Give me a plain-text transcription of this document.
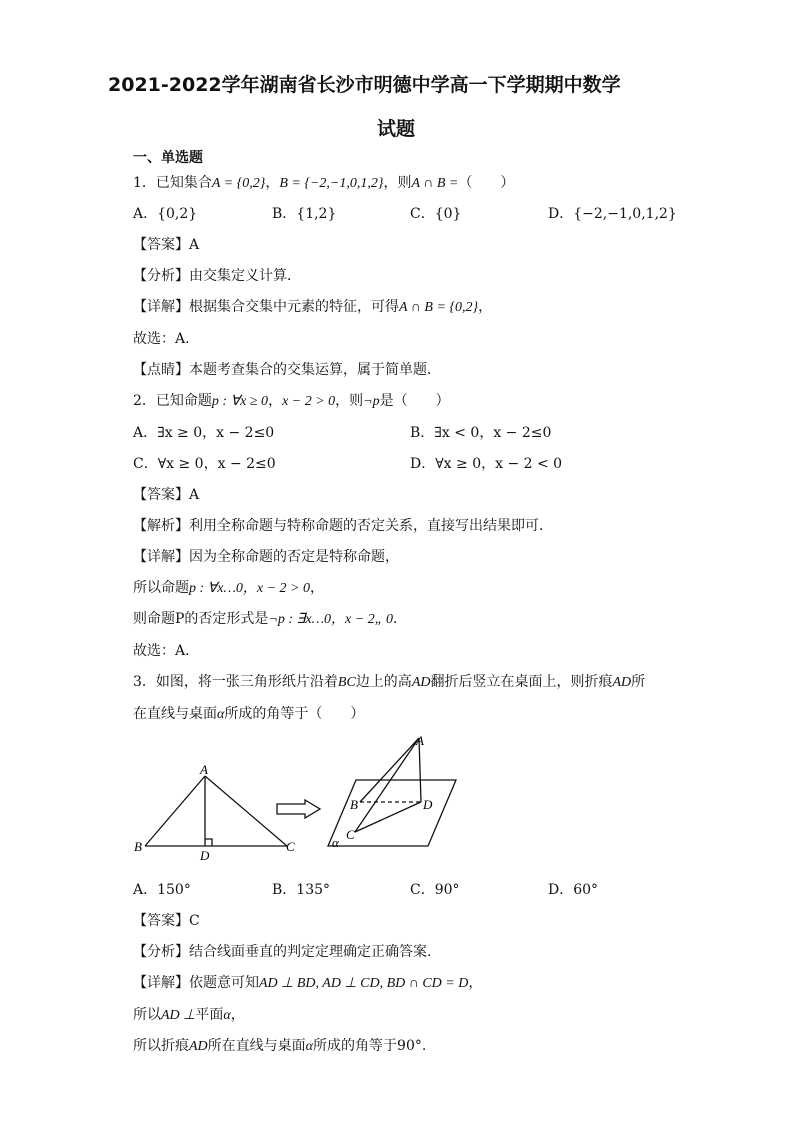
2021-2022学年湖南省长沙市明德中学高一下学期期中数学
试题
一、单选题
1．已知集合A = {0,2}，B = {−2,−1,0,1,2}，则A ∩ B =（　　）
A．{0,2}	B．{1,2}	C．{0}	D．{−2,−1,0,1,2}
【答案】A
【分析】由交集定义计算．
【详解】根据集合交集中元素的特征，可得A ∩ B = {0,2}，
故选：A.
【点睛】本题考查集合的交集运算，属于简单题．
2．已知命题p : ∀x ≥ 0，x − 2 > 0，则¬p是（　　）
A．∃x ≥ 0，x − 2≤0	B．∃x < 0，x − 2≤0
C．∀x ≥ 0，x − 2≤0	D．∀x ≥ 0，x − 2 < 0
【答案】A
【解析】利用全称命题与特称命题的否定关系，直接写出结果即可．
【详解】因为全称命题的否定是特称命题，
所以命题p : ∀x…0，x − 2 > 0，
则命题P的否定形式是¬p : ∃x…0，x − 2„ 0．
故选：A．
3．如图，将一张三角形纸片沿着BC边上的高AD翻折后竖立在桌面上，则折痕AD所
在直线与桌面α所成的角等于（　　）
A
B	C
D
A
B	D
C
α
A．150°	B．135°	C．90°	D．60°
【答案】C
【分析】结合线面垂直的判定定理确定正确答案.
【详解】依题意可知AD ⊥ BD, AD ⊥ CD, BD ∩ CD = D，
所以AD ⊥平面α，
所以折痕AD所在直线与桌面α所成的角等于90°.
